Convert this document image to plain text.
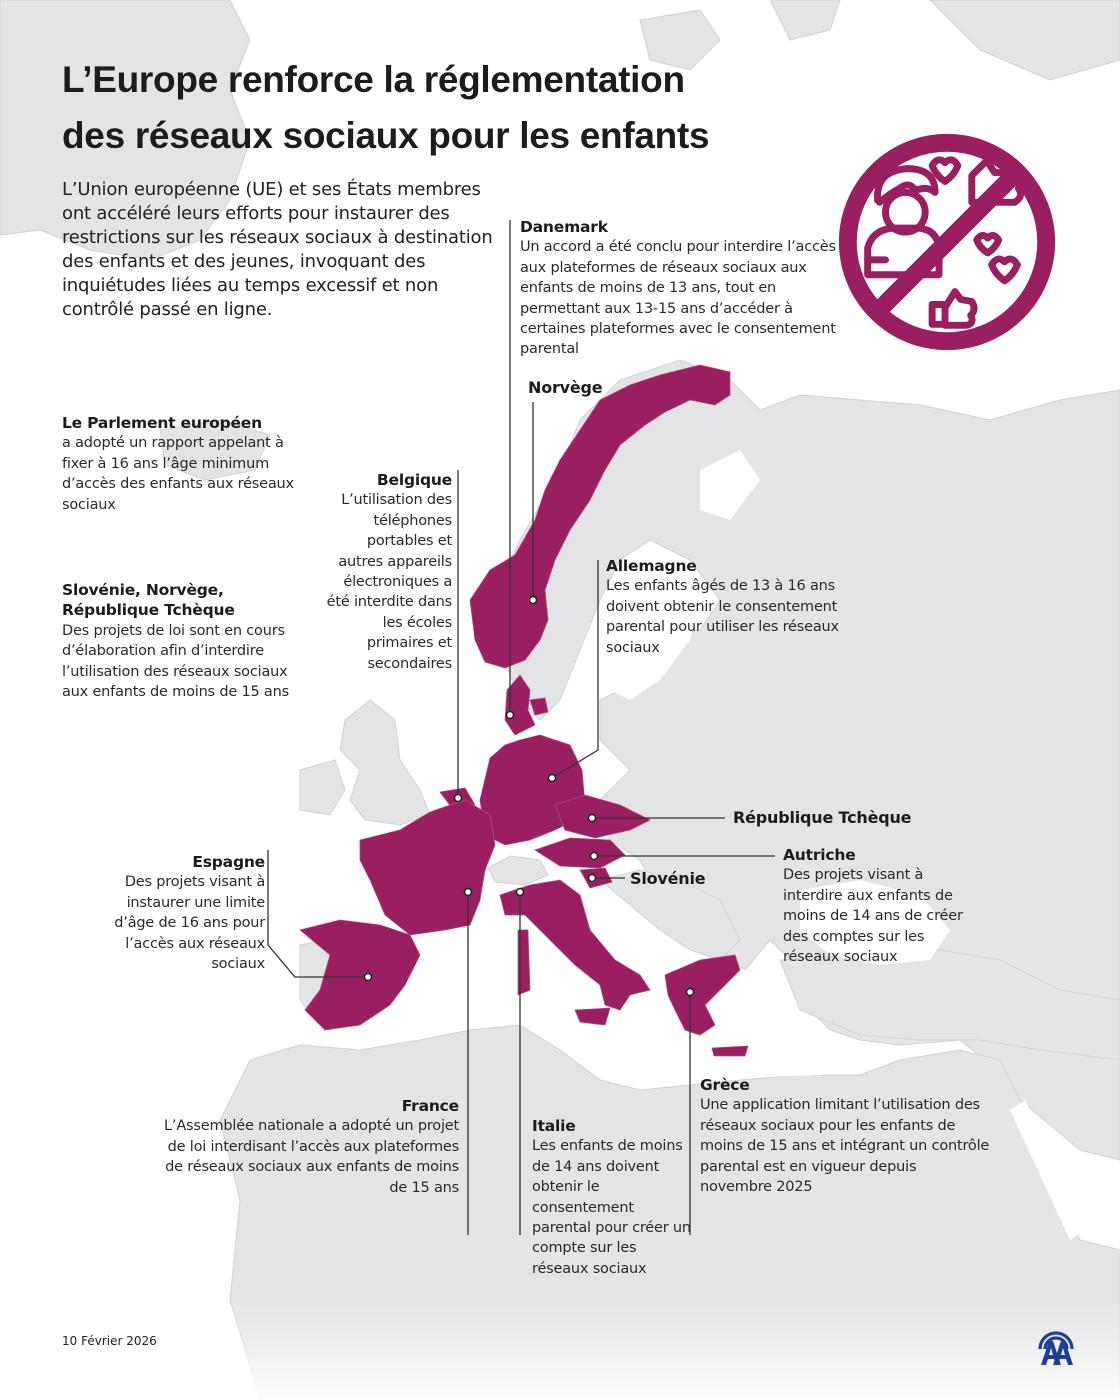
L’Europe renforce la réglementation
des réseaux sociaux pour les enfants

L’Union européenne (UE) et ses États membres ont accéléré leurs efforts pour instaurer des restrictions sur les réseaux sociaux à destination des enfants et des jeunes, invoquant des inquiétudes liées au temps excessif et non contrôlé passé en ligne.

Danemark
Un accord a été conclu pour interdire l’accès aux plateformes de réseaux sociaux aux enfants de moins de 13 ans, tout en permettant aux 13-15 ans d’accéder à certaines plateformes avec le consentement parental
Norvège
Le Parlement européen
a adopté un rapport appelant à fixer à 16 ans l’âge minimum d’accès des enfants aux réseaux sociaux
Belgique
L’utilisation des téléphones portables et autres appareils électroniques a été interdite dans les écoles primaires et secondaires
Allemagne
Les enfants âgés de 13 à 16 ans doivent obtenir le consentement parental pour utiliser les réseaux sociaux
Slovénie, Norvège,
République Tchèque
Des projets de loi sont en cours d’élaboration afin d’interdire l’utilisation des réseaux sociaux aux enfants de moins de 15 ans
République Tchèque
Autriche
Des projets visant à interdire aux enfants de moins de 14 ans de créer des comptes sur les réseaux sociaux
Slovénie
Espagne
Des projets visant à instaurer une limite d’âge de 16 ans pour l’accès aux réseaux sociaux
France
L’Assemblée nationale a adopté un projet de loi interdisant l’accès aux plateformes de réseaux sociaux aux enfants de moins de 15 ans
Italie
Les enfants de moins de 14 ans doivent obtenir le consentement parental pour créer un compte sur les réseaux sociaux
Grèce
Une application limitant l’utilisation des réseaux sociaux pour les enfants de moins de 15 ans et intégrant un contrôle parental est en vigueur depuis novembre 2025
10 Février 2026
